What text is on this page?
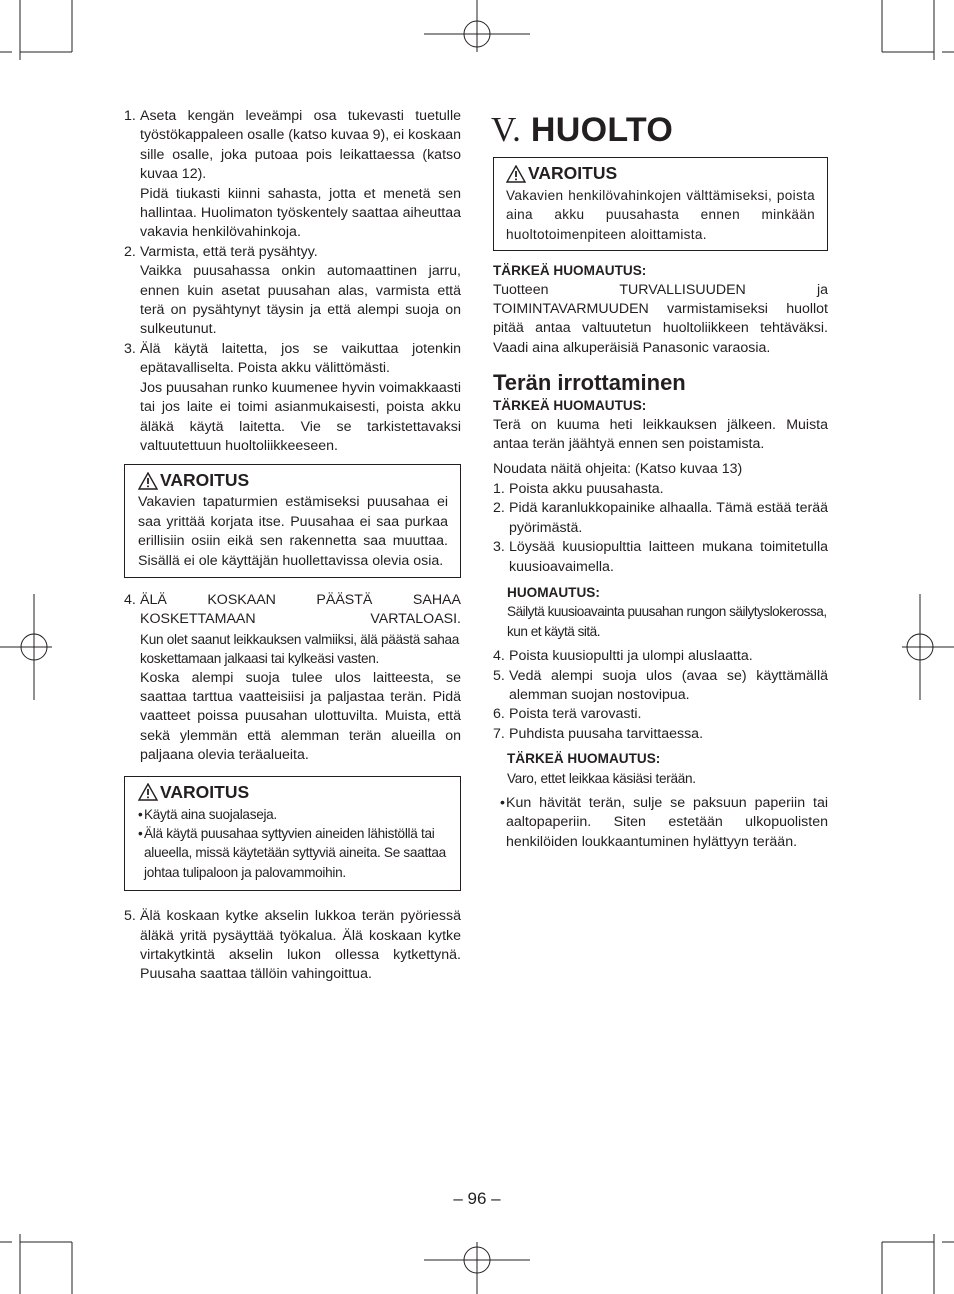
1. Aseta kengän leveämpi osa tukevasti tuetulle työstökappaleen osalle (katso kuvaa 9), ei koskaan sille osalle, joka putoaa pois leikattaessa (katso kuvaa 12).

Pidä tiukasti kiinni sahasta, jotta et menetä sen hallintaa. Huolimaton työskentely saattaa aiheuttaa vakavia henkilövahinkoja.

2. Varmista, että terä pysähtyy.

Vaikka puusahassa onkin automaattinen jarru, ennen kuin asetat puusahan alas, varmista että terä on pysähtynyt täysin ja että alempi suoja on sulkeutunut.

3. Älä käytä laitetta, jos se vaikuttaa jotenkin epätavalliselta. Poista akku välittömästi.

Jos puusahan runko kuumenee hyvin voimakkaasti tai jos laite ei toimi asianmukaisesti, poista akku äläkä käytä laitetta. Vie se tarkistettavaksi valtuutettuun huoltoliikkeeseen.

VAROITUS

Vakavien tapaturmien estämiseksi puusahaa ei saa yrittää korjata itse. Puusahaa ei saa purkaa erillisiin osiin eikä sen rakennetta saa muuttaa. Sisällä ei ole käyttäjän huollettavissa olevia osia.

4. ÄLÄ KOSKAAN PÄÄSTÄ SAHAA KOSKETTAMAAN VARTALOASI.

Kun olet saanut leikkauksen valmiiksi, älä päästä sahaa koskettamaan jalkaasi tai kylkeäsi vasten.

Koska alempi suoja tulee ulos laitteesta, se saattaa tarttua vaatteisiisi ja paljastaa terän. Pidä vaatteet poissa puusahan ulottuvilta. Muista, että sekä ylemmän että alemman terän alueilla on paljaana olevia teräalueita.

VAROITUS
• Käytä aina suojalaseja.
• Älä käytä puusahaa syttyvien aineiden lähistöllä tai alueella, missä käytetään syttyviä aineita. Se saattaa johtaa tulipaloon ja palovammoihin.
5. Älä koskaan kytke akselin lukkoa terän pyöriessä äläkä yritä pysäyttää työkalua. Älä koskaan kytke virtakytkintä akselin lukon ollessa kytkettynä. Puusaha saattaa tällöin vahingoittua.
V. HUOLTO
VAROITUS

Vakavien henkilövahinkojen välttämiseksi, poista aina akku puusahasta ennen minkään huoltotoimenpiteen aloittamista.

TÄRKEÄ HUOMAUTUS:

Tuotteen TURVALLISUUDEN ja TOIMINTAVARMUUDEN varmistamiseksi huollot pitää antaa valtuutetun huoltoliikkeen tehtäväksi. Vaadi aina alkuperäisiä Panasonic varaosia.

Terän irrottaminen

TÄRKEÄ HUOMAUTUS:

Terä on kuuma heti leikkauksen jälkeen. Muista antaa terän jäähtyä ennen sen poistamista.

Noudata näitä ohjeita: (Katso kuvaa 13)

1. Poista akku puusahasta.
2. Pidä karanlukkopainike alhaalla. Tämä estää terää pyörimästä.
3. Löysää kuusiopulttia laitteen mukana toimitetulla kuusioavaimella.

HUOMAUTUS:

Säilytä kuusioavainta puusahan rungon säilytyslokerossa, kun et käytä sitä.

4. Poista kuusiopultti ja ulompi aluslaatta.
5. Vedä alempi suoja ulos (avaa se) käyttämällä alemman suojan nostovipua.
6. Poista terä varovasti.
7. Puhdista puusaha tarvittaessa.

TÄRKEÄ HUOMAUTUS:

Varo, ettet leikkaa käsiäsi terään.

• Kun hävität terän, sulje se paksuun paperiin tai aaltopaperiin. Siten estetään ulkopuolisten henkilöiden loukkaantuminen hylättyyn terään.
– 96 –
